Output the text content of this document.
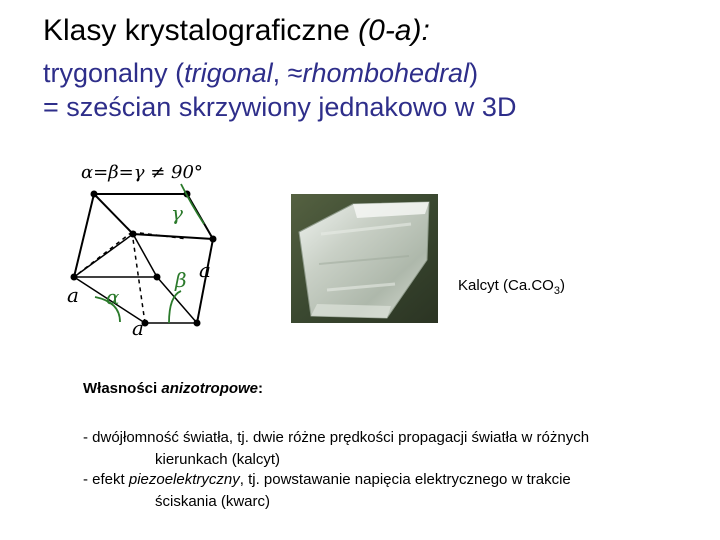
Klasy krystalograficzne (0-a):
trygonalny (trigonal, ≈rhombohedral)
= sześcian skrzywiony jednakowo w 3D
α=β=γ ≠ 90°
γ
β
α
a
a
a
Kalcyt $(Ca.CO_3)$
Własności anizotropowe:
- dwójłomność światła, tj. dwie różne prędkości propagacji światła w różnych
kierunkach (kalcyt)
- efekt piezoelektryczny, tj. powstawanie napięcia elektrycznego w trakcie
ściskania (kwarc)
